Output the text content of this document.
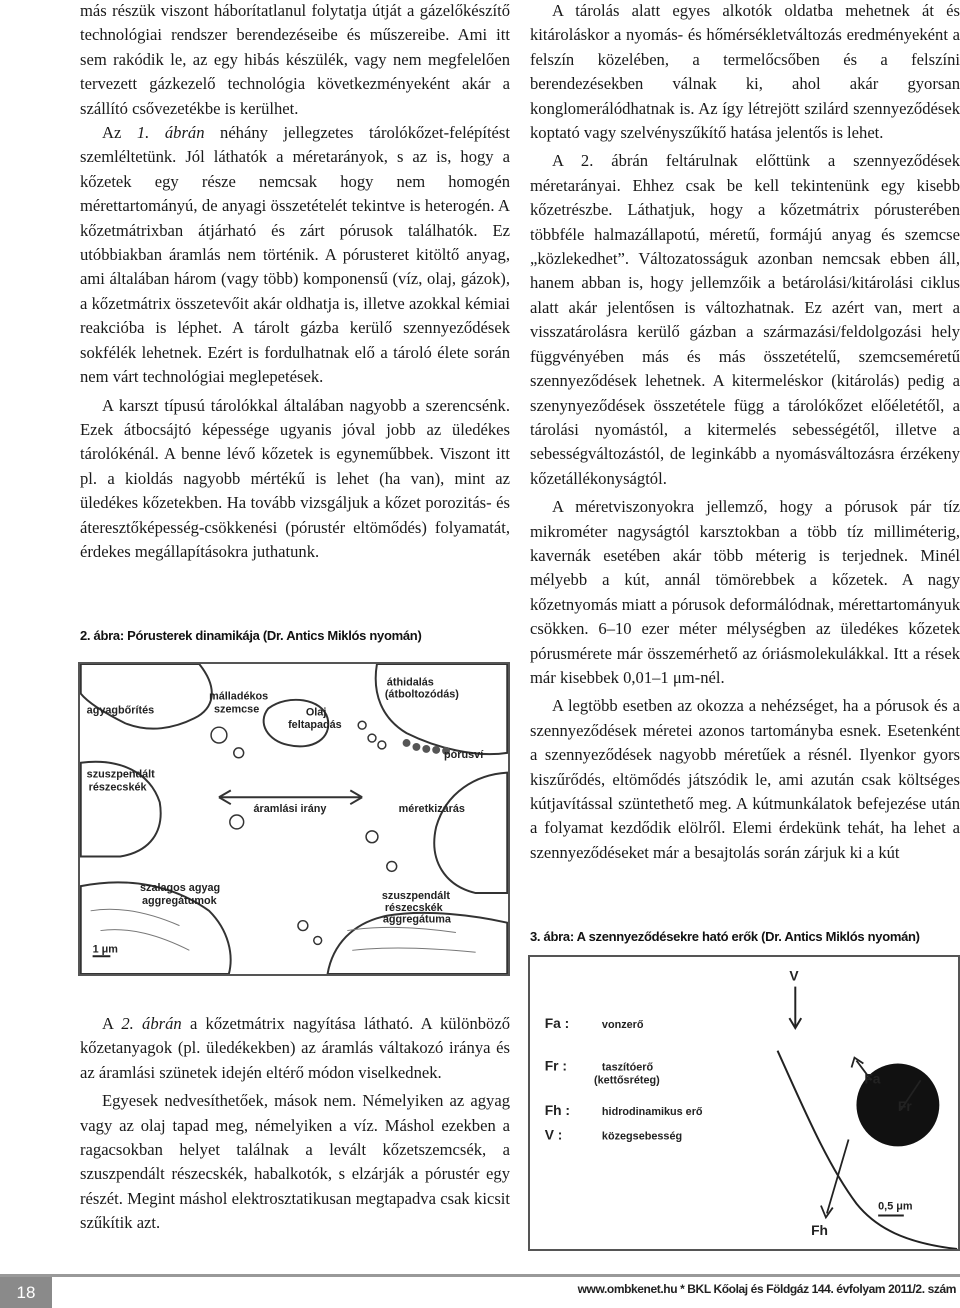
más részük viszont háborítatlanul folytatja útját a gázelőkészítő technológiai rendszer berendezéseibe és műszereibe. Ami itt sem rakódik le, az egy hibás készülék, vagy nem megfelelően tervezett gázkezelő technológia következményeként akár a szállító csővezetékbe is kerülhet.

Az 1. ábrán néhány jellegzetes tárolókőzet-felépítést szemléltetünk. Jól láthatók a méretarányok, s az is, hogy a kőzetek egy része nemcsak hogy nem homogén mérettartományú, de anyagi összetételét tekintve is heterogén. A kőzetmátrixban átjárható és zárt pórusok találhatók. Ez utóbbiakban áramlás nem történik. A pórusteret kitöltő anyag, ami általában három (vagy több) komponensű (víz, olaj, gázok), a kőzetmátrix összetevőit akár oldhatja is, illetve azokkal kémiai reakcióba is léphet. A tárolt gázba kerülő szennyeződések sokfélék lehetnek. Ezért is fordulhatnak elő a tároló élete során nem várt technológiai meglepetések.

A karszt típusú tárolókkal általában nagyobb a szerencsénk. Ezek átbocsájtó képessége ugyanis jóval jobb az üledékes tárolókénál. A benne lévő kőzetek is egyneműbbek. Viszont itt pl. a kioldás nagyobb mértékű is lehet (ha van), mint az üledékes kőzetekben. Ha tovább vizsgáljuk a kőzet porozitás- és áteresztőképesség-csökkenési (pórustér eltömődés) folyamatát, érdekes megállapításokra juthatunk.

2. ábra: Pórusterek dinamikája (Dr. Antics Miklós nyomán)
málladékos
szemcse	Olaj
feltapadás
áthidalás
(átboltozódás)
agyagbőrítés
pórusví
szuszpendált
részecskék
áramlási irány	méretkizárás
szalagos agyag
aggregátumok	szuszpendált
részecskék
aggregátuma
1 μm

A 2. ábrán a kőzetmátrix nagyítása látható. A különböző kőzetanyagok (pl. üledékekben) az áramlás váltakozó iránya és az áramlási szünetek idején eltérő módon viselkednek.

Egyesek nedvesíthetőek, mások nem. Némelyiken az agyag vagy az olaj tapad meg, némelyiken a víz. Máshol ezekben a ragacsokban helyet találnak a levált kőzetszemcsék, a szuszpendált részecskék, habalkotók, s elzárják a pórustér egy részét. Megint máshol elektrosztatikusan megtapadva csak kicsit szűkítik azt.

A tárolás alatt egyes alkotók oldatba mehetnek át és kitároláskor a nyomás- és hőmérsékletváltozás eredményeként a felszín közelében, a termelőcsőben és a felszíni berendezésekben válnak ki, ahol akár gyorsan konglomerálódhatnak is. Az így létrejött szilárd szennyeződések koptató vagy szelvényszűkítő hatása jelentős is lehet.

A 2. ábrán feltárulnak előttünk a szennyeződések méretarányai. Ehhez csak be kell tekintenünk egy kisebb kőzetrészbe. Láthatjuk, hogy a kőzetmátrix pórusterében többféle halmazállapotú, méretű, formájú anyag és szemcse „közlekedhet”. Változatosságuk azonban nemcsak ebben áll, hanem abban is, hogy jellemzőik a betárolási/kitárolási ciklus alatt akár jelentősen is változhatnak. Ez azért van, mert a visszatárolásra kerülő gázban a származási/feldolgozási hely függvényében más és más összetételű, szemcseméretű szennyeződések lehetnek. A kitermeléskor (kitárolás) pedig a szenynyeződések összetétele függ a tárolókőzet előéletétől, a tárolási nyomástól, a kitermelés sebességétől, illetve a sebességváltozástól, de leginkább a nyomásváltozásra érzékeny kőzetállékonyságtól.

A méretviszonyokra jellemző, hogy a pórusok pár tíz mikrométer nagyságtól karsztokban a több tíz milliméterig, kavernák esetében akár több méterig is terjednek. Minél mélyebb a kút, annál tömörebbek a kőzetek. A nagy kőzetnyomás miatt a pórusok deformálódnak, mérettartományuk csökken. 6–10 ezer méter mélységben az üledékes kőzetek pórusmérete már összemérhető az óriásmolekulákkal. Itt a rések már kisebbek 0,01–1 μm-nél.

A legtöbb esetben az okozza a nehézséget, ha a pórusok és a szennyeződések méretei azonos tartományba esnek. Esetenként a szennyeződések nagyobb méretűek a résnél. Ilyenkor gyors kiszűrődés, eltömődés játszódik le, ami azután csak költséges kútjavítással szüntethető meg. A kútmunkálatok befejezése után a folyamat kezdődik elölről. Elemi érdekünk tehát, ha lehet a szennyeződéseket már a besajtolás során zárjuk ki a kút

3. ábra: A szennyeződésekre ható erők (Dr. Antics Miklós nyomán)
V
Fa :	vonzerő
Fr :	taszítóerő
(kettősréteg)
Fh :	hidrodinamikus erő
V :	közegsebesség
Fa
Fr
Fh
0,5 μm
18	www.ombkenet.hu * BKL Kőolaj és Földgáz 144. évfolyam 2011/2. szám
